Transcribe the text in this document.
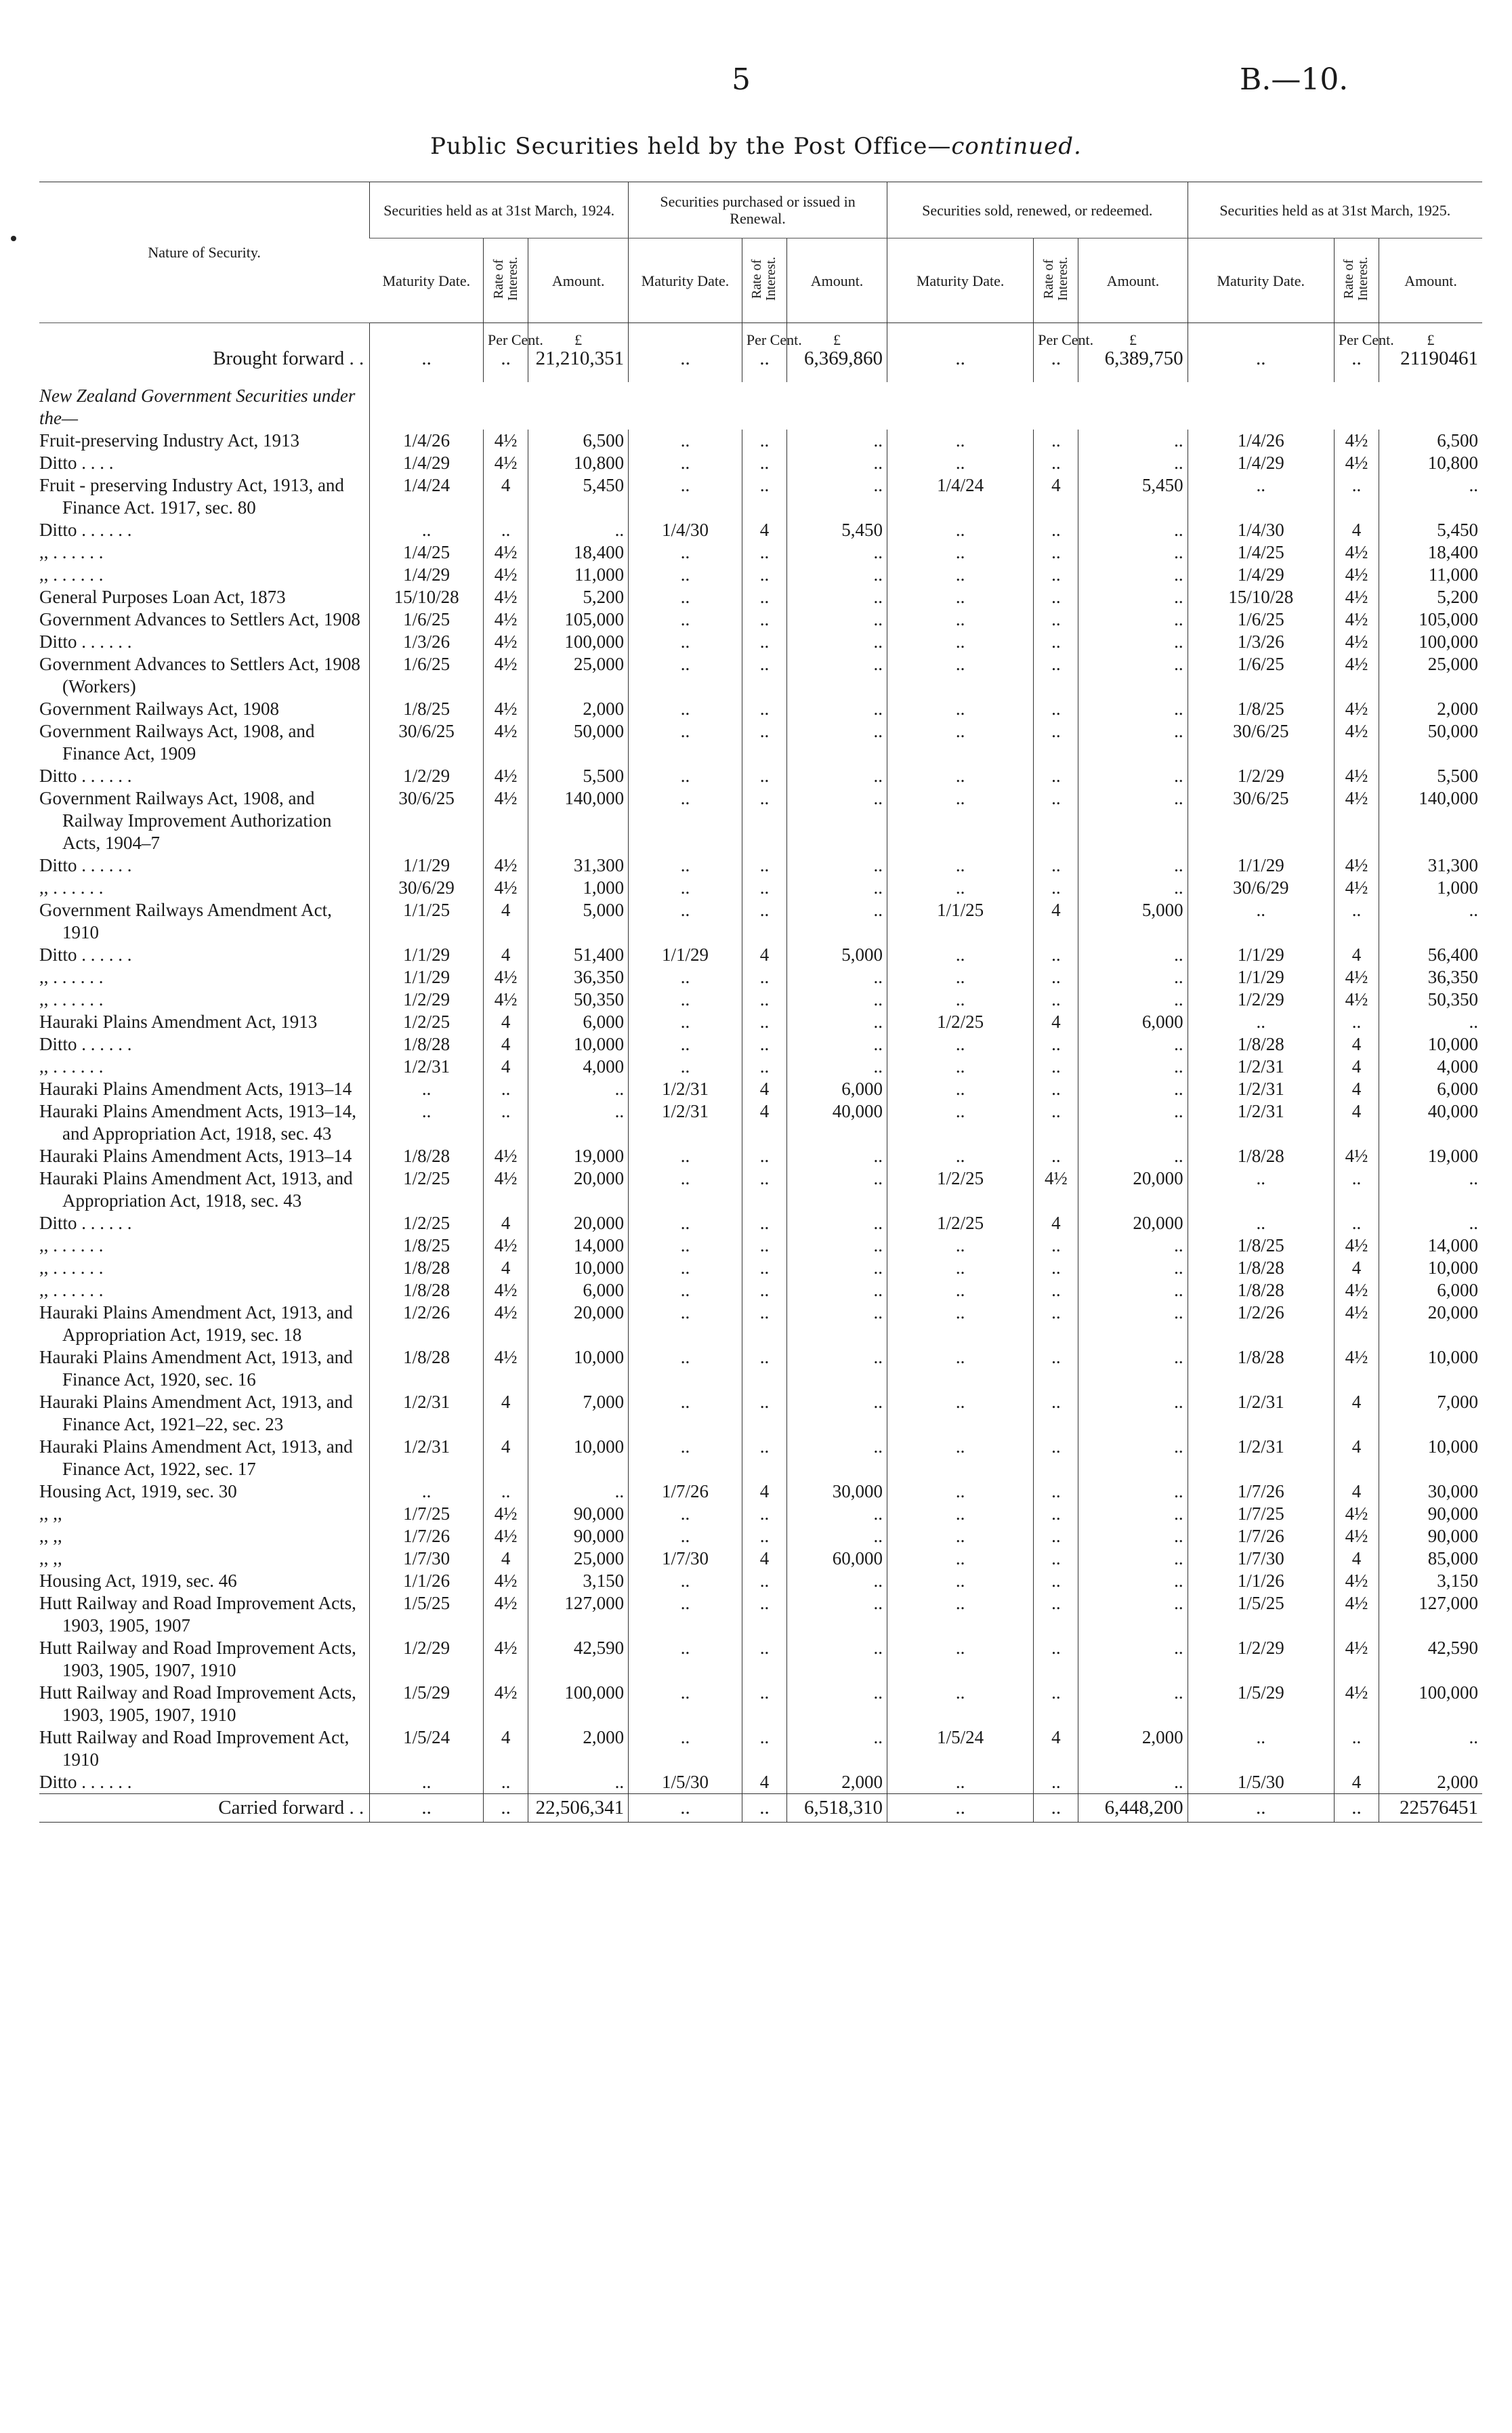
5	B.—10.
Public Securities held by the Post Office—continued.
Nature of Security.	Securities held as at 31st March, 1924.			Securities purchased or issued in Renewal.			Securities sold, renewed, or redeemed.			Securities held as at 31st March, 1925.		
	Maturity Date.	Rate of Interest.	Amount.	Maturity Date.	Rate of Interest.	Amount.	Maturity Date.	Rate of Interest.	Amount.	Maturity Date.	Rate of Interest.	Amount.
		Per Cent.	£		Per Cent.	£		Per Cent.	£		Per Cent.	£
Brought forward . .	..	..	21,210,351	..	..	6,369,860	..	..	6,389,750	..	..	21190461
New Zealand Government Securities under the—												

Fruit-preserving Industry Act, 1913	1/4/26	4½	6,500	..	..	..	..	..	..	1/4/26	4½	6,500

Ditto . . . .	1/4/29	4½	10,800	..	..	..	..	..	..	1/4/29	4½	10,800

Fruit - preserving Industry Act, 1913, and Finance Act. 1917, sec. 80	1/4/24	4	5,450	..	..	..	1/4/24	4	5,450	..	..	..

Ditto . . . . . .	..	..	..	1/4/30	4	5,450	..	..	..	1/4/30	4	5,450

,, . . . . . .	1/4/25	4½	18,400	..	..	..	..	..	..	1/4/25	4½	18,400

,, . . . . . .	1/4/29	4½	11,000	..	..	..	..	..	..	1/4/29	4½	11,000

General Purposes Loan Act, 1873	15/10/28	4½	5,200	..	..	..	..	..	..	15/10/28	4½	5,200

Government Advances to Settlers Act, 1908	1/6/25	4½	105,000	..	..	..	..	..	..	1/6/25	4½	105,000

Ditto . . . . . .	1/3/26	4½	100,000	..	..	..	..	..	..	1/3/26	4½	100,000

Government Advances to Settlers Act, 1908 (Workers)	1/6/25	4½	25,000	..	..	..	..	..	..	1/6/25	4½	25,000

Government Railways Act, 1908	1/8/25	4½	2,000	..	..	..	..	..	..	1/8/25	4½	2,000

Government Railways Act, 1908, and Finance Act, 1909	30/6/25	4½	50,000	..	..	..	..	..	..	30/6/25	4½	50,000

Ditto . . . . . .	1/2/29	4½	5,500	..	..	..	..	..	..	1/2/29	4½	5,500

Government Railways Act, 1908, and Railway Improvement Authorization Acts, 1904–7	30/6/25	4½	140,000	..	..	..	..	..	..	30/6/25	4½	140,000

Ditto . . . . . .	1/1/29	4½	31,300	..	..	..	..	..	..	1/1/29	4½	31,300

,, . . . . . .	30/6/29	4½	1,000	..	..	..	..	..	..	30/6/29	4½	1,000

Government Railways Amendment Act, 1910	1/1/25	4	5,000	..	..	..	1/1/25	4	5,000	..	..	..

Ditto . . . . . .	1/1/29	4	51,400	1/1/29	4	5,000	..	..	..	1/1/29	4	56,400

,, . . . . . .	1/1/29	4½	36,350	..	..	..	..	..	..	1/1/29	4½	36,350

,, . . . . . .	1/2/29	4½	50,350	..	..	..	..	..	..	1/2/29	4½	50,350

Hauraki Plains Amendment Act, 1913	1/2/25	4	6,000	..	..	..	1/2/25	4	6,000	..	..	..

Ditto . . . . . .	1/8/28	4	10,000	..	..	..	..	..	..	1/8/28	4	10,000

,, . . . . . .	1/2/31	4	4,000	..	..	..	..	..	..	1/2/31	4	4,000

Hauraki Plains Amendment Acts, 1913–14	..	..	..	1/2/31	4	6,000	..	..	..	1/2/31	4	6,000

Hauraki Plains Amendment Acts, 1913–14, and Appropriation Act, 1918, sec. 43	..	..	..	1/2/31	4	40,000	..	..	..	1/2/31	4	40,000

Hauraki Plains Amendment Acts, 1913–14	1/8/28	4½	19,000	..	..	..	..	..	..	1/8/28	4½	19,000

Hauraki Plains Amendment Act, 1913, and Appropriation Act, 1918, sec. 43	1/2/25	4½	20,000	..	..	..	1/2/25	4½	20,000	..	..	..

Ditto . . . . . .	1/2/25	4	20,000	..	..	..	1/2/25	4	20,000	..	..	..

,, . . . . . .	1/8/25	4½	14,000	..	..	..	..	..	..	1/8/25	4½	14,000

,, . . . . . .	1/8/28	4	10,000	..	..	..	..	..	..	1/8/28	4	10,000

,, . . . . . .	1/8/28	4½	6,000	..	..	..	..	..	..	1/8/28	4½	6,000

Hauraki Plains Amendment Act, 1913, and Appropriation Act, 1919, sec. 18	1/2/26	4½	20,000	..	..	..	..	..	..	1/2/26	4½	20,000

Hauraki Plains Amendment Act, 1913, and Finance Act, 1920, sec. 16	1/8/28	4½	10,000	..	..	..	..	..	..	1/8/28	4½	10,000

Hauraki Plains Amendment Act, 1913, and Finance Act, 1921–22, sec. 23	1/2/31	4	7,000	..	..	..	..	..	..	1/2/31	4	7,000

Hauraki Plains Amendment Act, 1913, and Finance Act, 1922, sec. 17	1/2/31	4	10,000	..	..	..	..	..	..	1/2/31	4	10,000

Housing Act, 1919, sec. 30	..	..	..	1/7/26	4	30,000	..	..	..	1/7/26	4	30,000

,, ,,	1/7/25	4½	90,000	..	..	..	..	..	..	1/7/25	4½	90,000

,, ,,	1/7/26	4½	90,000	..	..	..	..	..	..	1/7/26	4½	90,000

,, ,,	1/7/30	4	25,000	1/7/30	4	60,000	..	..	..	1/7/30	4	85,000

Housing Act, 1919, sec. 46	1/1/26	4½	3,150	..	..	..	..	..	..	1/1/26	4½	3,150

Hutt Railway and Road Improvement Acts, 1903, 1905, 1907	1/5/25	4½	127,000	..	..	..	..	..	..	1/5/25	4½	127,000

Hutt Railway and Road Improvement Acts, 1903, 1905, 1907, 1910	1/2/29	4½	42,590	..	..	..	..	..	..	1/2/29	4½	42,590

Hutt Railway and Road Improvement Acts, 1903, 1905, 1907, 1910	1/5/29	4½	100,000	..	..	..	..	..	..	1/5/29	4½	100,000

Hutt Railway and Road Improvement Act, 1910	1/5/24	4	2,000	..	..	..	1/5/24	4	2,000	..	..	..

Ditto . . . . . .	..	..	..	1/5/30	4	2,000	..	..	..	1/5/30	4	2,000
Carried forward . .	..	..	22,506,341	..	..	6,518,310	..	..	6,448,200	..	..	22576451
